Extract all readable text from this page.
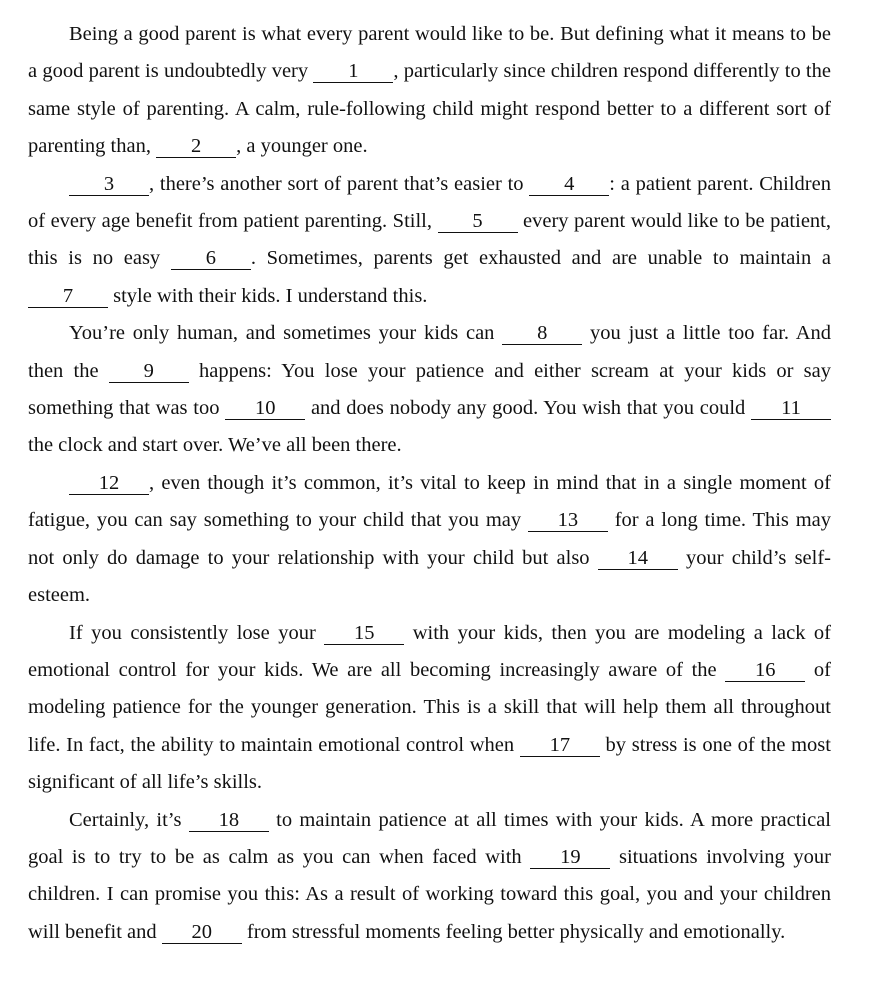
Being a good parent is what every parent would like to be. But defining what it means to be a good parent is undoubtedly very 1 , particularly since children respond differently to the same style of parenting. A calm, rule-following child might respond better to a different sort of parenting than, 2 , a younger one.

3 , there’s another sort of parent that’s easier to 4 : a patient parent. Children of every age benefit from patient parenting. Still, 5 every parent would like to be patient, this is no easy 6 . Sometimes, parents get exhausted and are unable to maintain a 7 style with their kids. I understand this.

You’re only human, and sometimes your kids can 8 you just a little too far. And then the 9 happens: You lose your patience and either scream at your kids or say something that was too 10 and does nobody any good. You wish that you could 11 the clock and start over. We’ve all been there.

12 , even though it’s common, it’s vital to keep in mind that in a single moment of fatigue, you can say something to your child that you may 13 for a long time. This may not only do damage to your relationship with your child but also 14 your child’s self-esteem.

If you consistently lose your 15 with your kids, then you are modeling a lack of emotional control for your kids. We are all becoming increasingly aware of the 16 of modeling patience for the younger generation. This is a skill that will help them all throughout life. In fact, the ability to maintain emotional control when 17 by stress is one of the most significant of all life’s skills.

Certainly, it’s 18 to maintain patience at all times with your kids. A more practical goal is to try to be as calm as you can when faced with 19 situations involving your children. I can promise you this: As a result of working toward this goal, you and your children will benefit and 20 from stressful moments feeling better physically and emotionally.
